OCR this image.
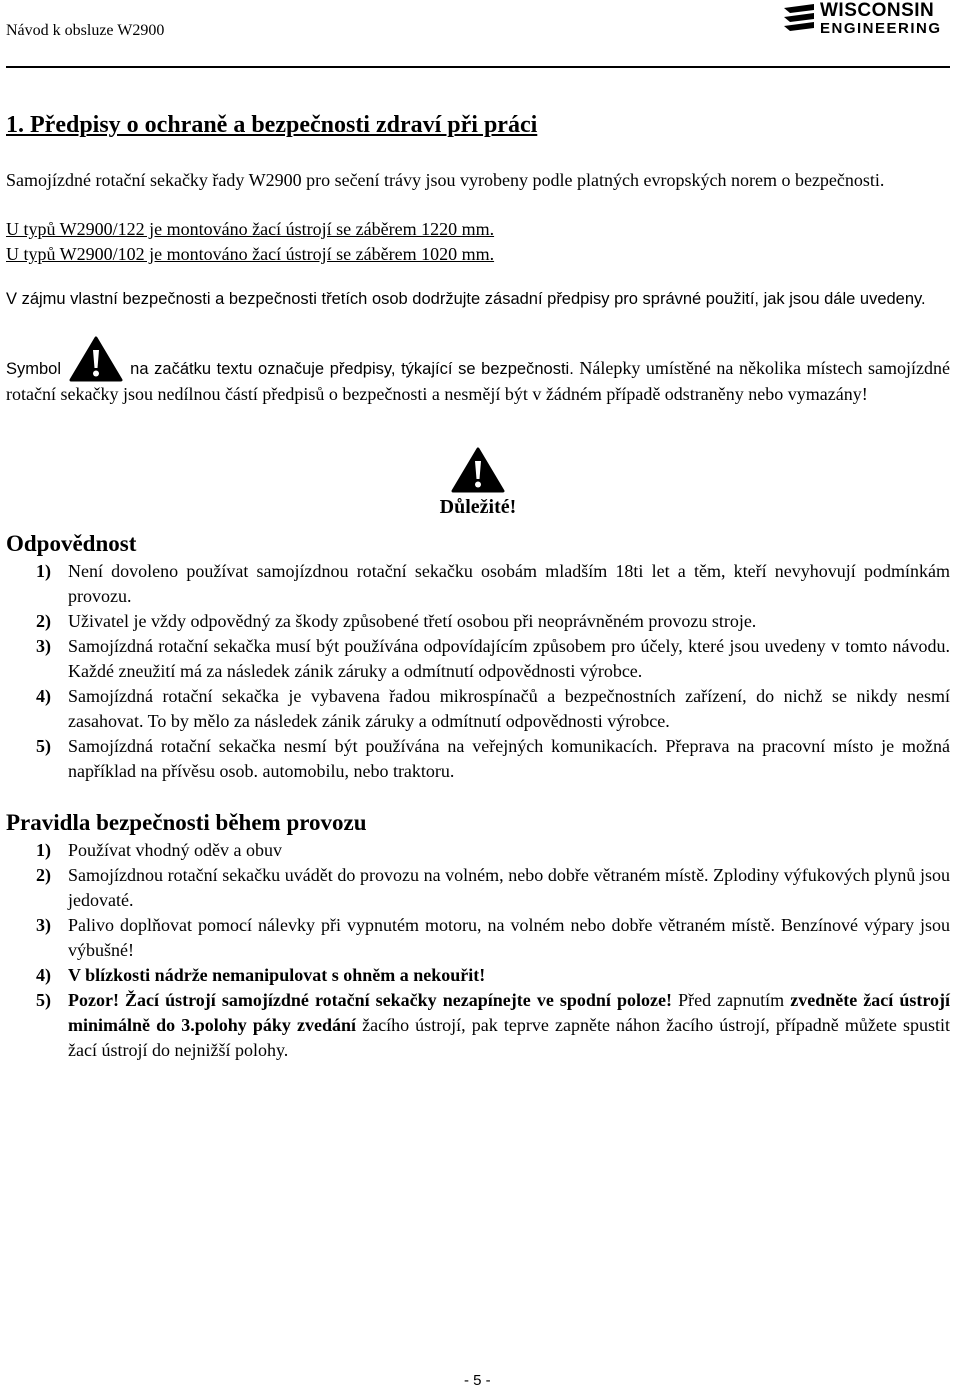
Návod k obsluze W2900
WISCONSIN
ENGINEERING
1. Předpisy o ochraně a bezpečnosti zdraví při práci

Samojízdné rotační sekačky řady W2900 pro sečení trávy jsou vyrobeny podle platných evropských norem o bezpečnosti.

U typů W2900/122 je montováno žací ústrojí se záběrem 1220 mm.

U typů W2900/102 je montováno žací ústrojí se záběrem 1020 mm.

V zájmu vlastní bezpečnosti a bezpečnosti třetích osob dodržujte zásadní předpisy pro správné použití, jak jsou dále uvedeny.

Symbol	na začátku textu označuje předpisy, týkající se bezpečnosti. Nálepky umístěné na několika místech samojízdné rotační sekačky jsou nedílnou částí předpisů o bezpečnosti a nesmějí být v žádném případě odstraněny nebo vymazány!

Důležité!
Odpovědnost
1) Není dovoleno používat samojízdnou rotační sekačku osobám mladším 18ti let a těm, kteří nevyhovují podmínkám provozu.
2) Uživatel je vždy odpovědný za škody způsobené třetí osobou při neoprávněném provozu stroje.
3) Samojízdná rotační sekačka musí být používána odpovídajícím způsobem pro účely, které jsou uvedeny v tomto návodu. Každé zneužití má za následek zánik záruky a odmítnutí odpovědnosti výrobce.
4) Samojízdná rotační sekačka je vybavena řadou mikrospínačů a bezpečnostních zařízení, do nichž se nikdy nesmí zasahovat. To by mělo za následek zánik záruky a odmítnutí odpovědnosti výrobce.
5) Samojízdná rotační sekačka nesmí být používána na veřejných komunikacích. Přeprava na pracovní místo je možná například na přívěsu osob. automobilu, nebo traktoru.
Pravidla bezpečnosti během provozu
1) Používat vhodný oděv a obuv
2) Samojízdnou rotační sekačku uvádět do provozu na volném, nebo dobře větraném místě. Zplodiny výfukových plynů jsou jedovaté.
3) Palivo doplňovat pomocí nálevky při vypnutém motoru, na volném nebo dobře větraném místě. Benzínové výpary jsou výbušné!
4) V blízkosti nádrže nemanipulovat s ohněm a nekouřit!
5) Pozor! Žací ústrojí samojízdné rotační sekačky nezapínejte ve spodní poloze! Před zapnutím zvedněte žací ústrojí minimálně do 3.polohy páky zvedání žacího ústrojí, pak teprve zapněte náhon žacího ústrojí, případně můžete spustit žací ústrojí do nejnižší polohy.
- 5 -
